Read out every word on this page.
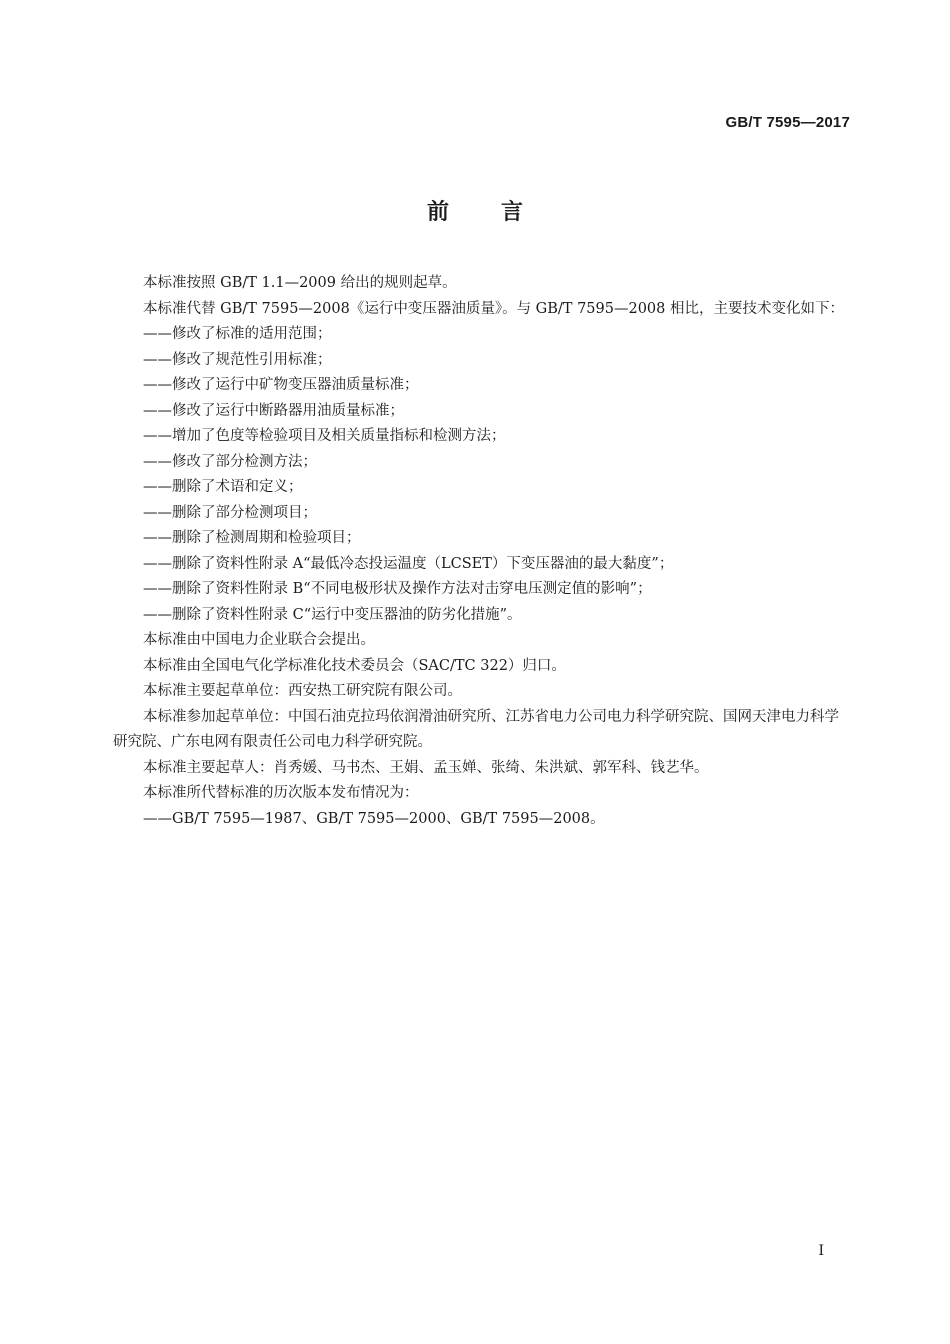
GB/T 7595—2017
前言

本标准按照 GB/T 1.1—2009 给出的规则起草。

本标准代替 GB/T 7595—2008《运行中变压器油质量》。与 GB/T 7595—2008 相比，主要技术变化如下：

——修改了标准的适用范围；

——修改了规范性引用标准；

——修改了运行中矿物变压器油质量标准；

——修改了运行中断路器用油质量标准；

——增加了色度等检验项目及相关质量指标和检测方法；

——修改了部分检测方法；

——删除了术语和定义；

——删除了部分检测项目；

——删除了检测周期和检验项目；

——删除了资料性附录 A“最低冷态投运温度（LCSET）下变压器油的最大黏度”；

——删除了资料性附录 B“不同电极形状及操作方法对击穿电压测定值的影响”；

——删除了资料性附录 C“运行中变压器油的防劣化措施”。

本标准由中国电力企业联合会提出。

本标准由全国电气化学标准化技术委员会（SAC/TC 322）归口。

本标准主要起草单位：西安热工研究院有限公司。

本标准参加起草单位：中国石油克拉玛依润滑油研究所、江苏省电力公司电力科学研究院、国网天津电力科学研究院、广东电网有限责任公司电力科学研究院。

本标准主要起草人：肖秀媛、马书杰、王娟、孟玉婵、张绮、朱洪斌、郭军科、钱艺华。

本标准所代替标准的历次版本发布情况为：

——GB/T 7595—1987、GB/T 7595—2000、GB/T 7595—2008。

I
